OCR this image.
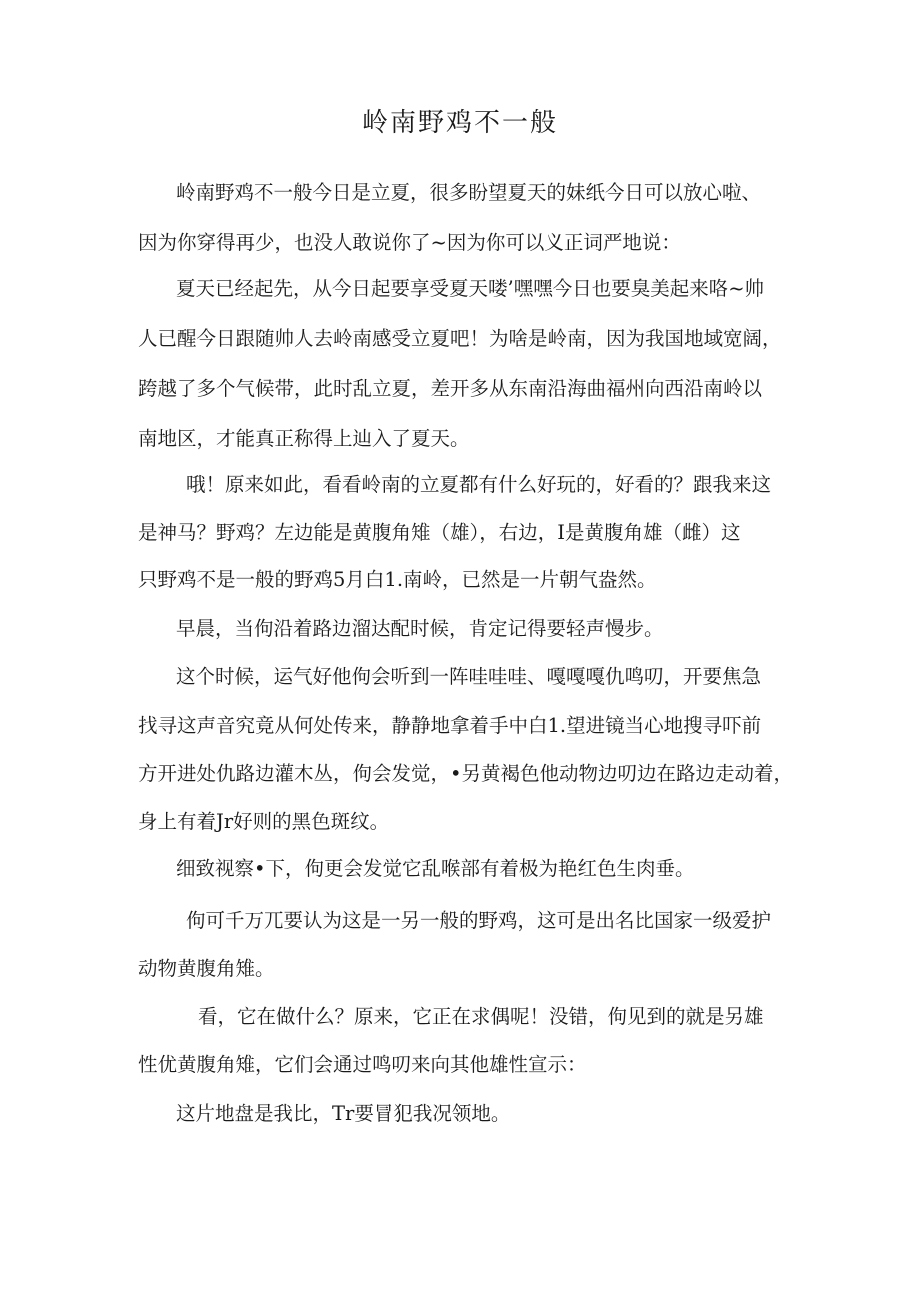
岭南野鸡不一般
岭南野鸡不一般今日是立夏，很多盼望夏天的妹纸今日可以放心啦、
因为你穿得再少，也没人敢说你了~因为你可以义正词严地说：
夏天已经起先，从今日起要享受夏天喽’嘿嘿今日也要臭美起来咯~帅
人已醒今日跟随帅人去岭南感受立夏吧！为啥是岭南，因为我国地域宽阔，
跨越了多个气候带，此时乱立夏，差开多从东南沿海曲福州向西沿南岭以
南地区，才能真正称得上辿入了夏天。
哦！原来如此，看看岭南的立夏都有什么好玩的，好看的？跟我来这
是神马？野鸡？左边能是黄腹角雉（雄），右边，I是黄腹角雄（雌）这
只野鸡不是一般的野鸡5月白1.南岭，已然是一片朝气盎然。
早晨，当佝沿着路边溜达配时候，肯定记得要轻声慢步。
这个时候，运气好他佝会听到一阵哇哇哇、嘎嘎嘎仇鸣叨，开要焦急
找寻这声音究竟从何处传来，静静地拿着手中白1.望进镜当心地搜寻吓前
方开进处仇路边灌木丛，佝会发觉，•另黄褐色他动物边叨边在路边走动着，
身上有着Jr好则的黑色斑纹。
细致视察•下，佝更会发觉它乱喉部有着极为艳红色生肉垂。
佝可千万兀要认为这是一另一般的野鸡，这可是出名比国家一级爱护
动物黄腹角雉。
看，它在做什么？原来，它正在求偶呢！没错，佝见到的就是另雄
性优黄腹角雉，它们会通过鸣叨来向其他雄性宣示：
这片地盘是我比，Tr要冒犯我况领地。
